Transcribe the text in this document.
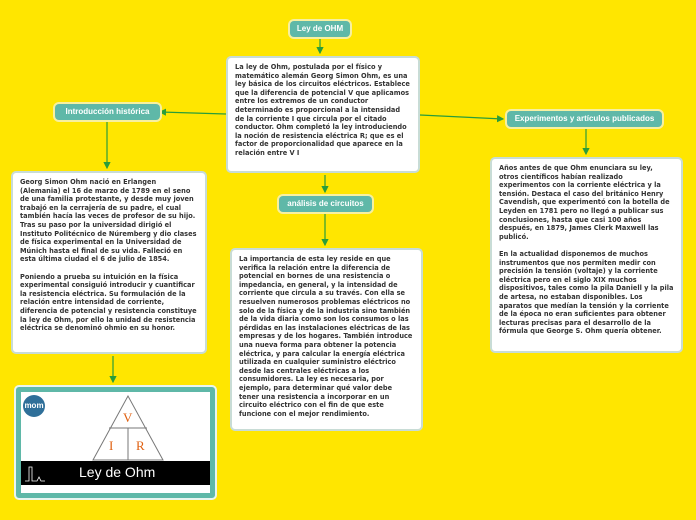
Ley de OHM
La ley de Ohm, postulada por el físico y matemático alemán Georg Simon Ohm, es una ley básica de los circuitos eléctricos. Establece que la diferencia de potencial V que aplicamos entre los extremos de un conductor determinado es proporcional a la intensidad de la corriente I que circula por el citado conductor. Ohm completó la ley introduciendo la noción de resistencia eléctrica R; que es el factor de proporcionalidad que aparece en la relación entre V I
Introducción histórica
Experimentos y artículos publicados
análisis de circuitos
Georg Simon Ohm nació en Erlangen (Alemania) el 16 de marzo de 1789 en el seno de una familia protestante, y desde muy joven trabajó en la cerrajería de su padre, el cual también hacía las veces de profesor de su hijo. Tras su paso por la universidad dirigió el Instituto Politécnico de Núremberg y dio clases de física experimental en la Universidad de Múnich hasta el final de su vida. Falleció en esta última ciudad el 6 de julio de 1854.

Poniendo a prueba su intuición en la física experimental consiguió introducir y cuantificar la resistencia eléctrica. Su formulación de la relación entre intensidad de corriente, diferencia de potencial y resistencia constituye la ley de Ohm, por ello la unidad de resistencia eléctrica se denominó ohmio en su honor.
La importancia de esta ley reside en que verifica la relación entre la diferencia de potencial en bornes de una resistencia o impedancia, en general, y la intensidad de corriente que circula a su través. Con ella se resuelven numerosos problemas eléctricos no solo de la física y de la industria sino también de la vida diaria como son los consumos o las pérdidas en las instalaciones eléctricas de las empresas y de los hogares. También introduce una nueva forma para obtener la potencia eléctrica, y para calcular la energía eléctrica utilizada en cualquier suministro eléctrico desde las centrales eléctricas a los consumidores. La ley es necesaria, por ejemplo, para determinar qué valor debe tener una resistencia a incorporar en un circuito eléctrico con el fin de que este funcione con el mejor rendimiento.
Años antes de que Ohm enunciara su ley, otros científicos habían realizado experimentos con la corriente eléctrica y la tensión. Destaca el caso del británico Henry Cavendish, que experimentó con la botella de Leyden en 1781 pero no llegó a publicar sus conclusiones, hasta que casi 100 años después, en 1879, James Clerk Maxwell las publicó.

En la actualidad disponemos de muchos instrumentos que nos permiten medir con precisión la tensión (voltaje) y la corriente eléctrica pero en el siglo XIX muchos dispositivos, tales como la pila Daniell y la pila de artesa, no estaban disponibles. Los aparatos que medían la tensión y la corriente de la época no eran suficientes para obtener lecturas precisas para el desarrollo de la fórmula que George S. Ohm quería obtener.
mom
V
I R
Ley de Ohm
